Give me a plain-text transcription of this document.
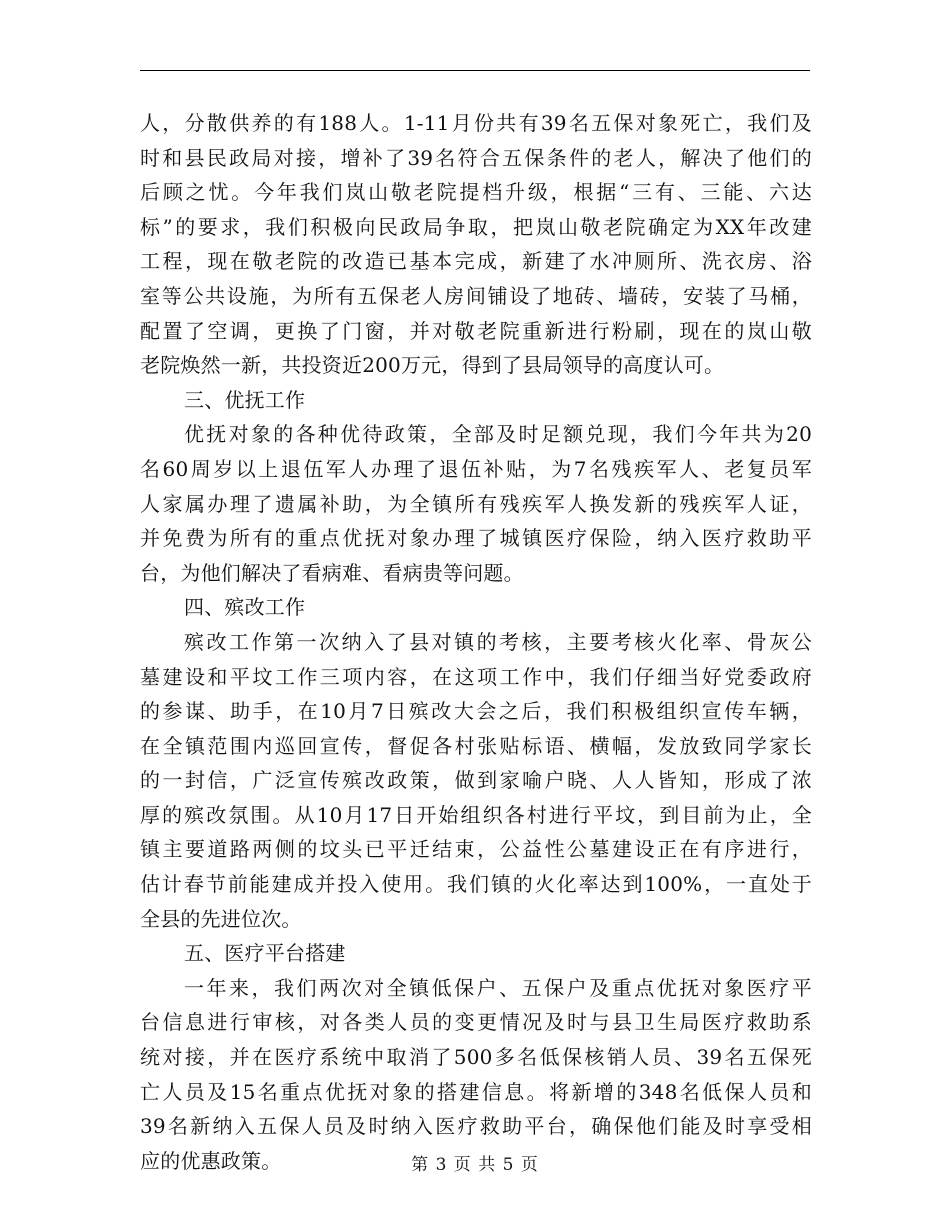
人，分散供养的有188人。1-11月份共有39名五保对象死亡，我们及
时和县民政局对接，增补了39名符合五保条件的老人，解决了他们的
后顾之忧。今年我们岚山敬老院提档升级，根据“三有、三能、六达
标”的要求，我们积极向民政局争取，把岚山敬老院确定为XX年改建
工程，现在敬老院的改造已基本完成，新建了水冲厕所、洗衣房、浴
室等公共设施，为所有五保老人房间铺设了地砖、墙砖，安装了马桶，
配置了空调，更换了门窗，并对敬老院重新进行粉刷，现在的岚山敬
老院焕然一新，共投资近200万元，得到了县局领导的高度认可。
三、优抚工作
优抚对象的各种优待政策，全部及时足额兑现，我们今年共为20
名60周岁以上退伍军人办理了退伍补贴，为7名残疾军人、老复员军
人家属办理了遗属补助，为全镇所有残疾军人换发新的残疾军人证，
并免费为所有的重点优抚对象办理了城镇医疗保险，纳入医疗救助平
台，为他们解决了看病难、看病贵等问题。
四、殡改工作
殡改工作第一次纳入了县对镇的考核，主要考核火化率、骨灰公
墓建设和平坟工作三项内容，在这项工作中，我们仔细当好党委政府
的参谋、助手，在10月7日殡改大会之后，我们积极组织宣传车辆，
在全镇范围内巡回宣传，督促各村张贴标语、横幅，发放致同学家长
的一封信，广泛宣传殡改政策，做到家喻户晓、人人皆知，形成了浓
厚的殡改氛围。从10月17日开始组织各村进行平坟，到目前为止，全
镇主要道路两侧的坟头已平迁结束，公益性公墓建设正在有序进行，
估计春节前能建成并投入使用。我们镇的火化率达到100%，一直处于
全县的先进位次。
五、医疗平台搭建
一年来，我们两次对全镇低保户、五保户及重点优抚对象医疗平
台信息进行审核，对各类人员的变更情况及时与县卫生局医疗救助系
统对接，并在医疗系统中取消了500多名低保核销人员、39名五保死
亡人员及15名重点优抚对象的搭建信息。将新增的348名低保人员和
39名新纳入五保人员及时纳入医疗救助平台，确保他们能及时享受相
应的优惠政策。	第 3 页 共 5 页
